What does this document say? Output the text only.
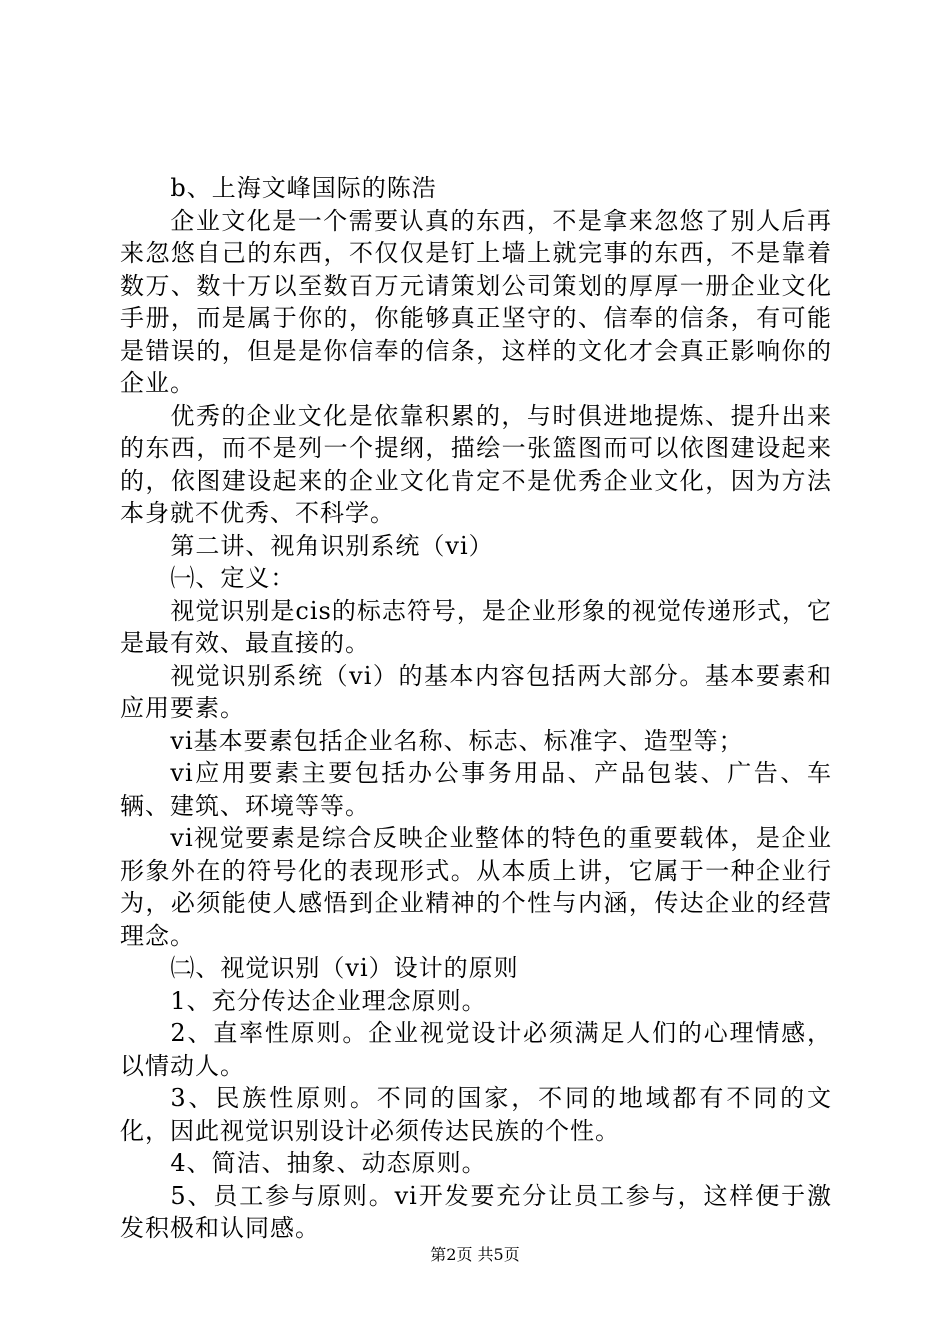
b、上海文峰国际的陈浩

企业文化是一个需要认真的东西，不是拿来忽悠了别人后再来忽悠自己的东西，不仅仅是钉上墙上就完事的东西，不是靠着数万、数十万以至数百万元请策划公司策划的厚厚一册企业文化手册，而是属于你的，你能够真正坚守的、信奉的信条，有可能是错误的，但是是你信奉的信条，这样的文化才会真正影响你的企业。

优秀的企业文化是依靠积累的，与时俱进地提炼、提升出来的东西，而不是列一个提纲，描绘一张篮图而可以依图建设起来的，依图建设起来的企业文化肯定不是优秀企业文化，因为方法本身就不优秀、不科学。

第二讲、视角识别系统（vi）

㈠、定义：

视觉识别是cis的标志符号，是企业形象的视觉传递形式，它是最有效、最直接的。

视觉识别系统（vi）的基本内容包括两大部分。基本要素和应用要素。

vi基本要素包括企业名称、标志、标准字、造型等；

vi应用要素主要包括办公事务用品、产品包装、广告、车辆、建筑、环境等等。

vi视觉要素是综合反映企业整体的特色的重要载体，是企业形象外在的符号化的表现形式。从本质上讲，它属于一种企业行为，必须能使人感悟到企业精神的个性与内涵，传达企业的经营理念。

㈡、视觉识别（vi）设计的原则

1、充分传达企业理念原则。

2、直率性原则。企业视觉设计必须满足人们的心理情感，以情动人。

3、民族性原则。不同的国家，不同的地域都有不同的文化，因此视觉识别设计必须传达民族的个性。

4、简洁、抽象、动态原则。

5、员工参与原则。vi开发要充分让员工参与，这样便于激发积极和认同感。

第2页 共5页
